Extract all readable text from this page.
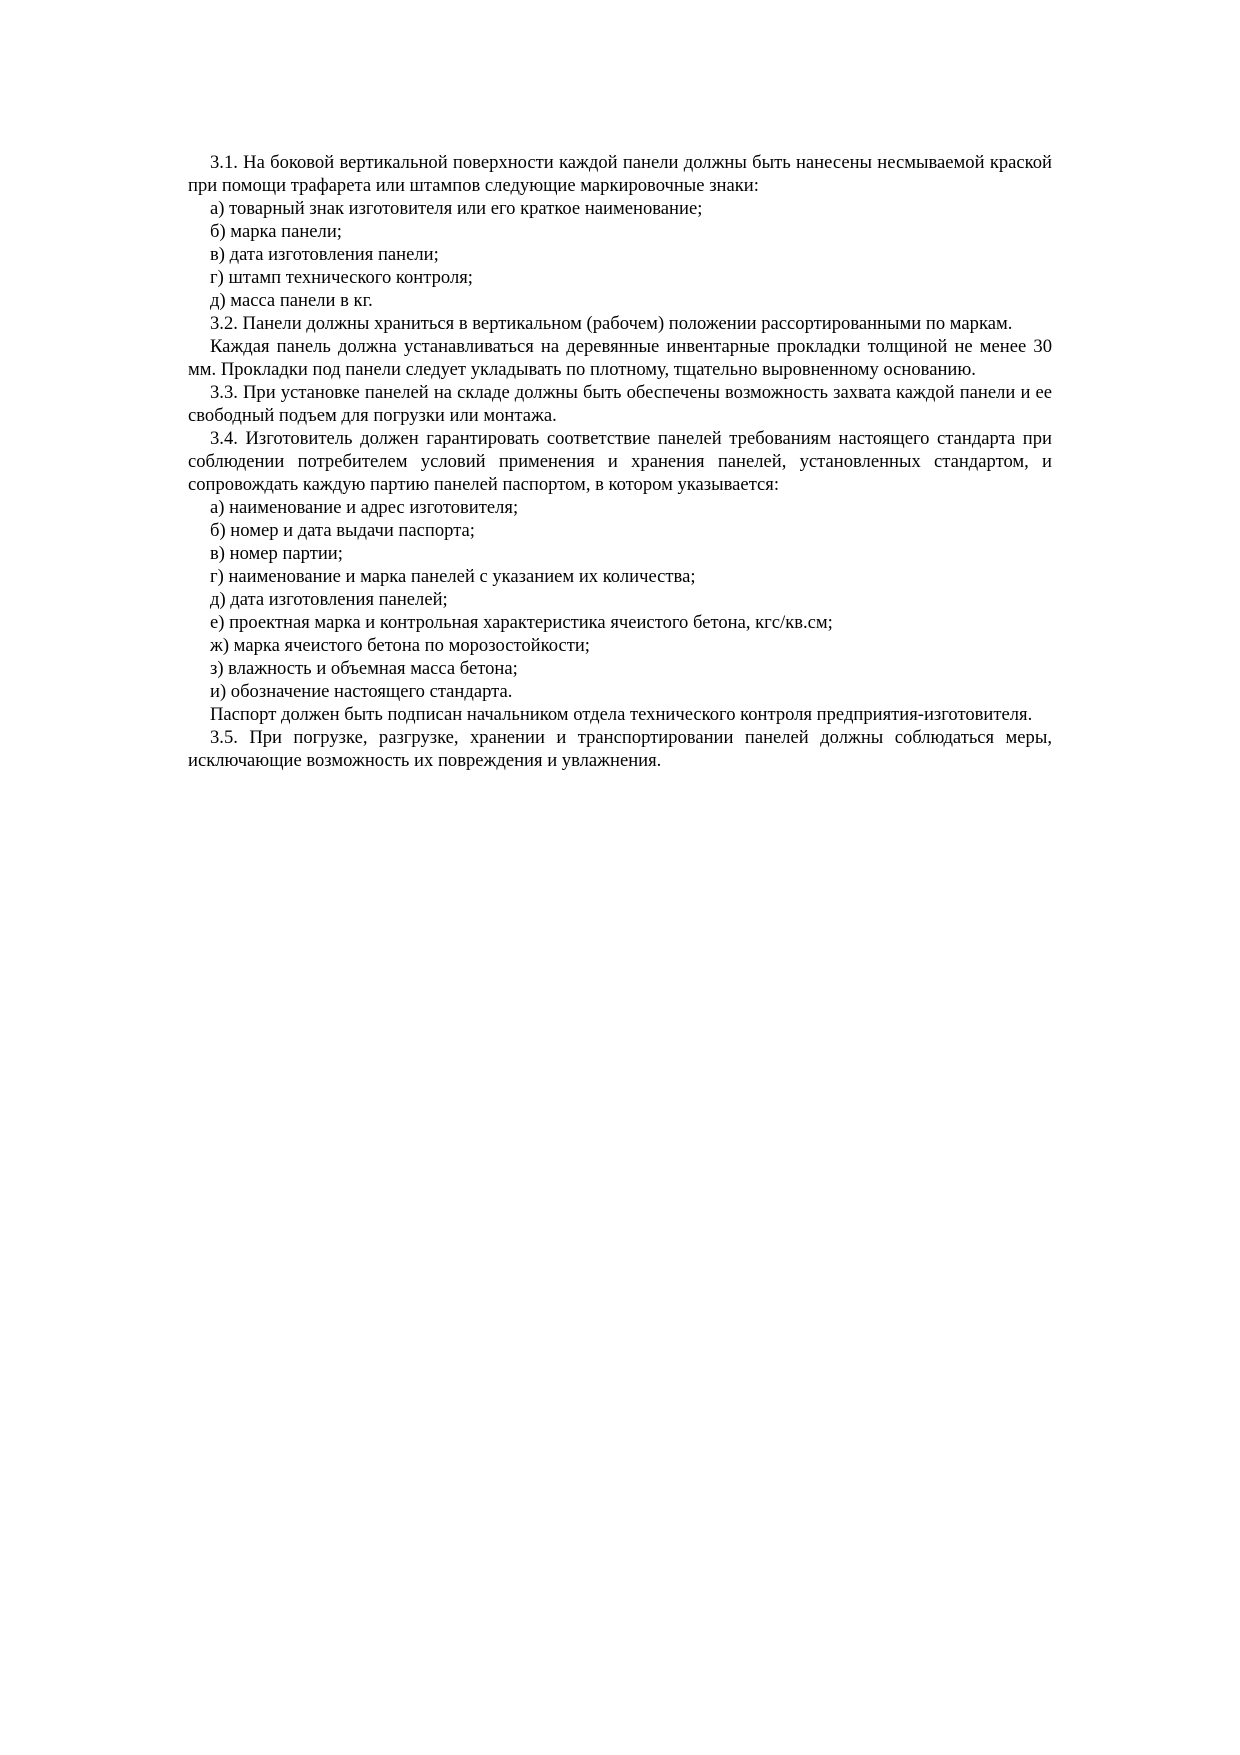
3.1. На боковой вертикальной поверхности каждой панели должны быть нанесены несмываемой краской при помощи трафарета или штампов следующие маркировочные знаки:

а) товарный знак изготовителя или его краткое наименование;

б) марка панели;

в) дата изготовления панели;

г) штамп технического контроля;

д) масса панели в кг.

3.2. Панели должны храниться в вертикальном (рабочем) положении рассортированными по маркам.

Каждая панель должна устанавливаться на деревянные инвентарные прокладки толщиной не менее 30 мм. Прокладки под панели следует укладывать по плотному, тщательно выровненному основанию.

3.3. При установке панелей на складе должны быть обеспечены возможность захвата каждой панели и ее свободный подъем для погрузки или монтажа.

3.4. Изготовитель должен гарантировать соответствие панелей требованиям настоящего стандарта при соблюдении потребителем условий применения и хранения панелей, установленных стандартом, и сопровождать каждую партию панелей паспортом, в котором указывается:

а) наименование и адрес изготовителя;

б) номер и дата выдачи паспорта;

в) номер партии;

г) наименование и марка панелей с указанием их количества;

д) дата изготовления панелей;

е) проектная марка и контрольная характеристика ячеистого бетона, кгс/кв.см;

ж) марка ячеистого бетона по морозостойкости;

з) влажность и объемная масса бетона;

и) обозначение настоящего стандарта.

Паспорт должен быть подписан начальником отдела технического контроля предприятия-изготовителя.

3.5. При погрузке, разгрузке, хранении и транспортировании панелей должны соблюдаться меры, исключающие возможность их повреждения и увлажнения.
